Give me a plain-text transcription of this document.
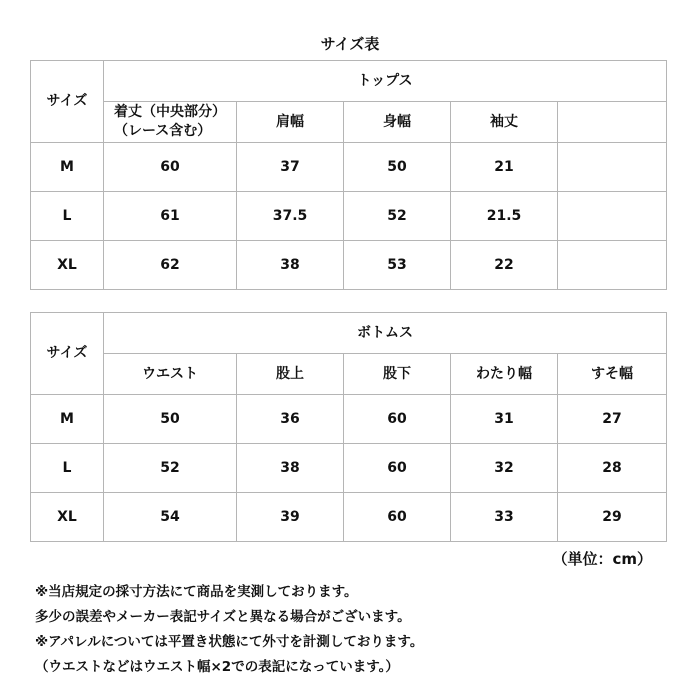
サイズ表
サイズ	トップス				
	着丈（中央部分）
（レース含む）	肩幅	身幅	袖丈	
M	60	37	50	21	
L	61	37.5	52	21.5	
XL	62	38	53	22	
サイズ	ボトムス				
	ウエスト	股上	股下	わたり幅	すそ幅
M	50	36	60	31	27
L	52	38	60	32	28
XL	54	39	60	33	29
（単位：cm）
※当店規定の採寸方法にて商品を実測しております。
多少の誤差やメーカー表記サイズと異なる場合がございます。
※アパレルについては平置き状態にて外寸を計測しております。
（ウエストなどはウエスト幅×2での表記になっています。）
